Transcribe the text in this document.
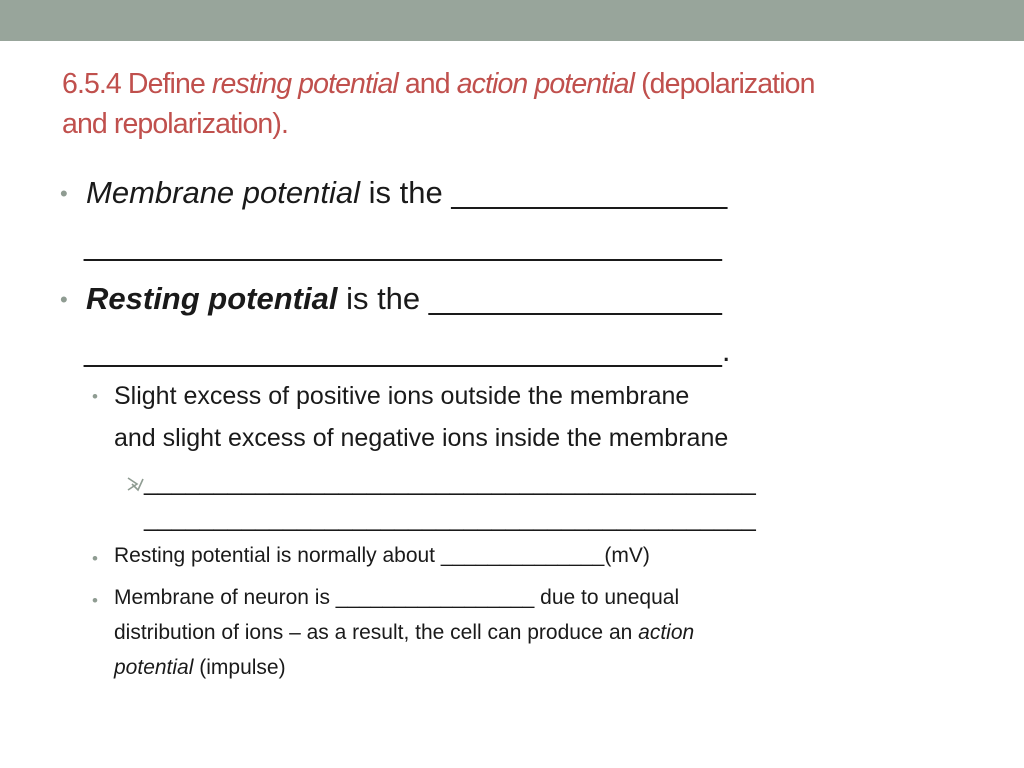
6.5.4 Define resting potential and action potential (depolarization
and repolarization).
• Membrane potential is the ________________
_____________________________________
• Resting potential is the _________________
_____________________________________.
• Slight excess of positive ions outside the membrane
and slight excess of negative ions inside the membrane
____________________________________________
____________________________________________
• Resting potential is normally about ______________(mV)
• Membrane of neuron is _________________ due to unequal
distribution of ions – as a result, the cell can produce an action
potential (impulse)
